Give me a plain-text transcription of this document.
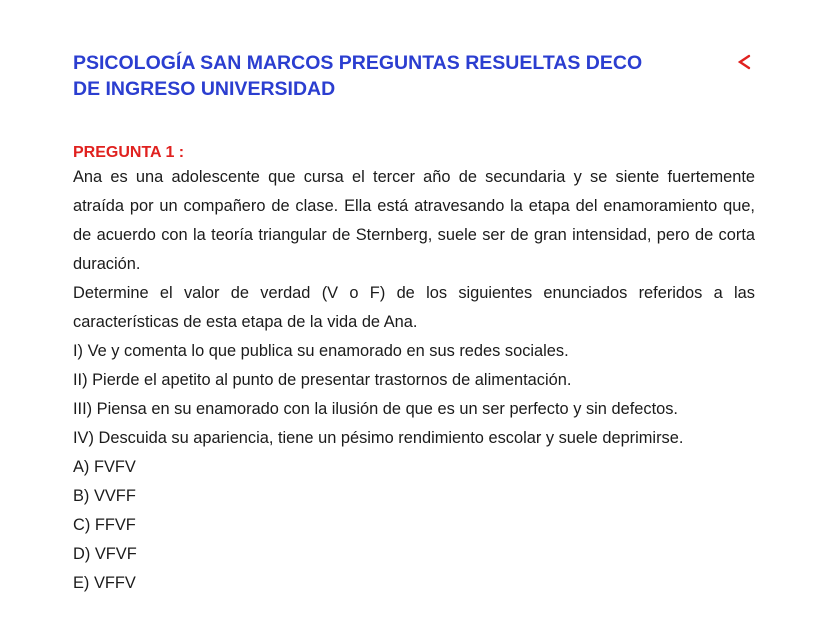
PSICOLOGÍA SAN MARCOS PREGUNTAS RESUELTAS DECO
DE INGRESO UNIVERSIDAD
PREGUNTA 1 :

Ana es una adolescente que cursa el tercer año de secundaria y se siente fuertemente atraída por un compañero de clase. Ella está atravesando la etapa del enamoramiento que, de acuerdo con la teoría triangular de Sternberg, suele ser de gran intensidad, pero de corta duración.

Determine el valor de verdad (V o F) de los siguientes enunciados referidos a las características de esta etapa de la vida de Ana.

I) Ve y comenta lo que publica su enamorado en sus redes sociales.

II) Pierde el apetito al punto de presentar trastornos de alimentación.

III) Piensa en su enamorado con la ilusión de que es un ser perfecto y sin defectos.

IV) Descuida su apariencia, tiene un pésimo rendimiento escolar y suele deprimirse.

A) FVFV

B) VVFF

C) FFVF

D) VFVF

E) VFFV
